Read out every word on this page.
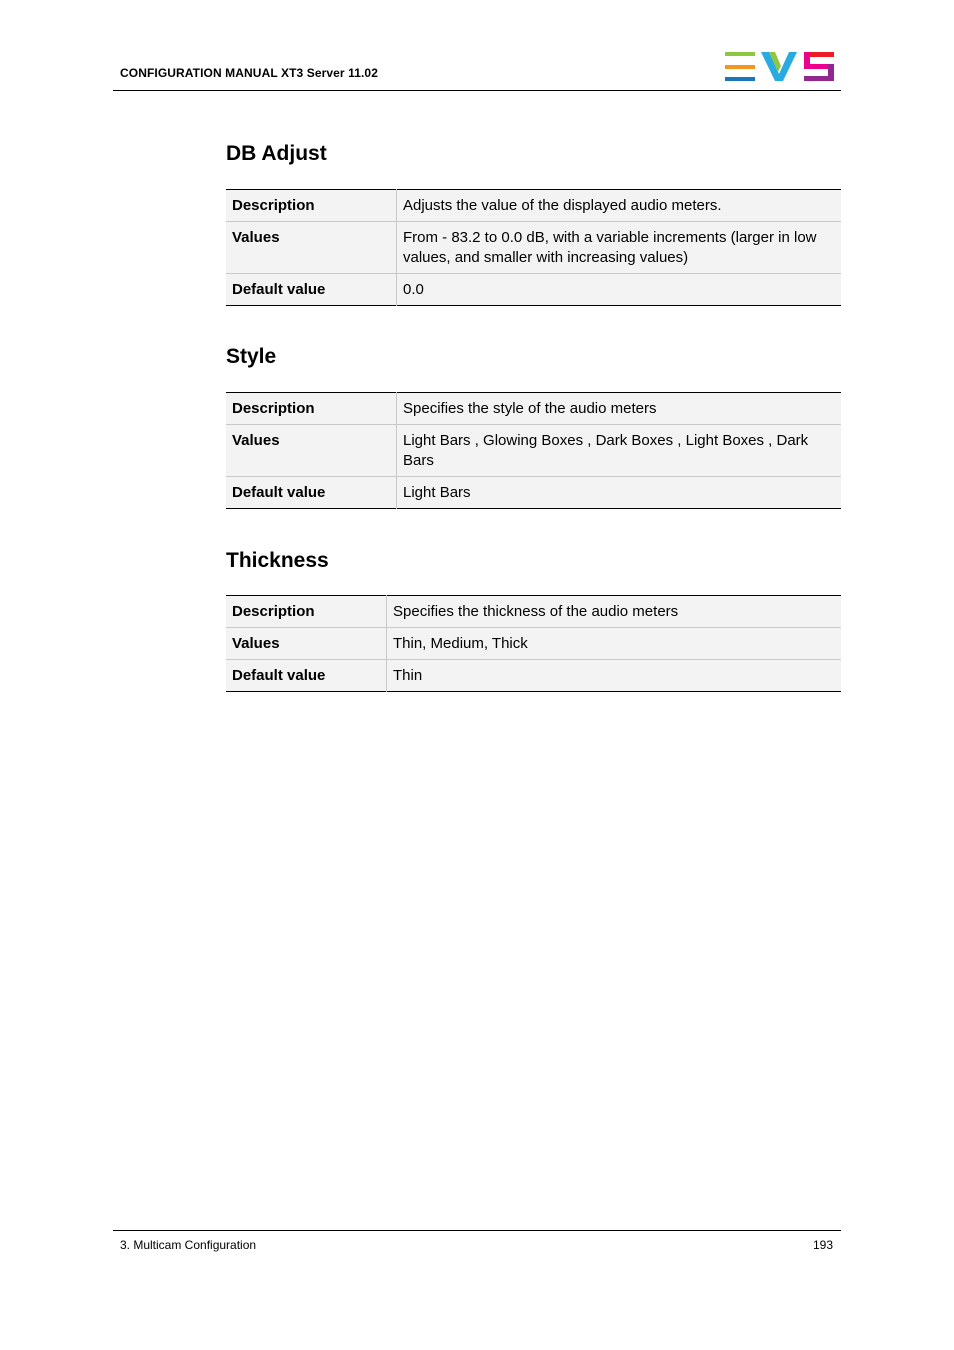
CONFIGURATION MANUAL XT3 Server 11.02
DB Adjust
Description	Adjusts the value of the displayed audio meters.
Values	From - 83.2 to 0.0 dB, with a variable increments (larger in low values, and smaller with increasing values)
Default value	0.0
Style
Description	Specifies the style of the audio meters
Values	Light Bars , Glowing Boxes , Dark Boxes , Light Boxes , Dark Bars
Default value	Light Bars
Thickness
Description	Specifies the thickness of the audio meters
Values	Thin, Medium, Thick
Default value	Thin
3. Multicam Configuration	193
